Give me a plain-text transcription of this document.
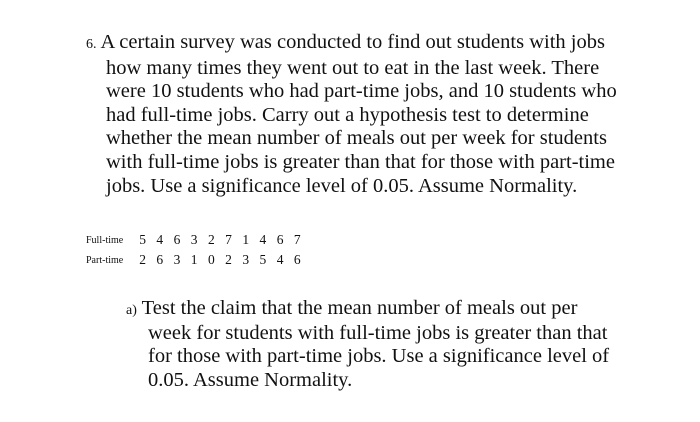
6. A certain survey was conducted to find out students with jobs
how many times they went out to eat in the last week. There
were 10 students who had part-time jobs, and 10 students who
had full-time jobs. Carry out a hypothesis test to determine
whether the mean number of meals out per week for students
with full-time jobs is greater than that for those with part-time
jobs. Use a significance level of 0.05. Assume Normality.
Full-time	5	4	6	3	2	7	1	4	6	7
Part-time	2	6	3	1	0	2	3	5	4	6
a) Test the claim that the mean number of meals out per
week for students with full-time jobs is greater than that
for those with part-time jobs. Use a significance level of
0.05. Assume Normality.
